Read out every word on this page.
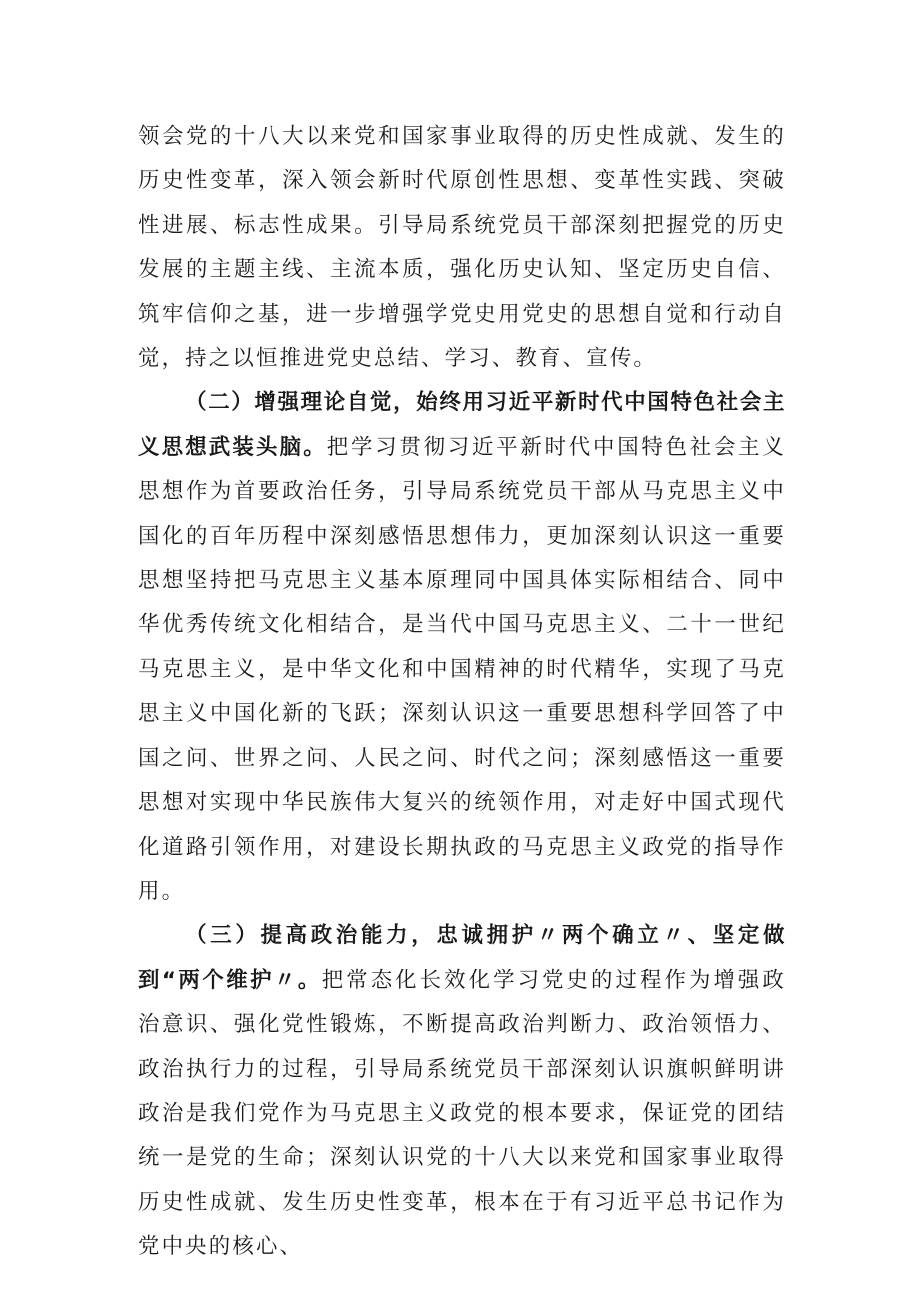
领会党的十八大以来党和国家事业取得的历史性成就、发生的历史性变革，深入领会新时代原创性思想、变革性实践、突破性进展、标志性成果。引导局系统党员干部深刻把握党的历史发展的主题主线、主流本质，强化历史认知、坚定历史自信、筑牢信仰之基，进一步增强学党史用党史的思想自觉和行动自觉，持之以恒推进党史总结、学习、教育、宣传。

（二）增强理论自觉，始终用习近平新时代中国特色社会主义思想武装头脑。把学习贯彻习近平新时代中国特色社会主义思想作为首要政治任务，引导局系统党员干部从马克思主义中国化的百年历程中深刻感悟思想伟力，更加深刻认识这一重要思想坚持把马克思主义基本原理同中国具体实际相结合、同中华优秀传统文化相结合，是当代中国马克思主义、二十一世纪马克思主义，是中华文化和中国精神的时代精华，实现了马克思主义中国化新的飞跃；深刻认识这一重要思想科学回答了中国之问、世界之问、人民之问、时代之问；深刻感悟这一重要思想对实现中华民族伟大复兴的统领作用，对走好中国式现代化道路引领作用，对建设长期执政的马克思主义政党的指导作用。

（三）提高政治能力，忠诚拥护〃两个确立〃、坚定做到“两个维护〃。把常态化长效化学习党史的过程作为增强政治意识、强化党性锻炼，不断提高政治判断力、政治领悟力、政治执行力的过程，引导局系统党员干部深刻认识旗帜鲜明讲政治是我们党作为马克思主义政党的根本要求，保证党的团结统一是党的生命；深刻认识党的十八大以来党和国家事业取得历史性成就、发生历史性变革，根本在于有习近平总书记作为党中央的核心、
